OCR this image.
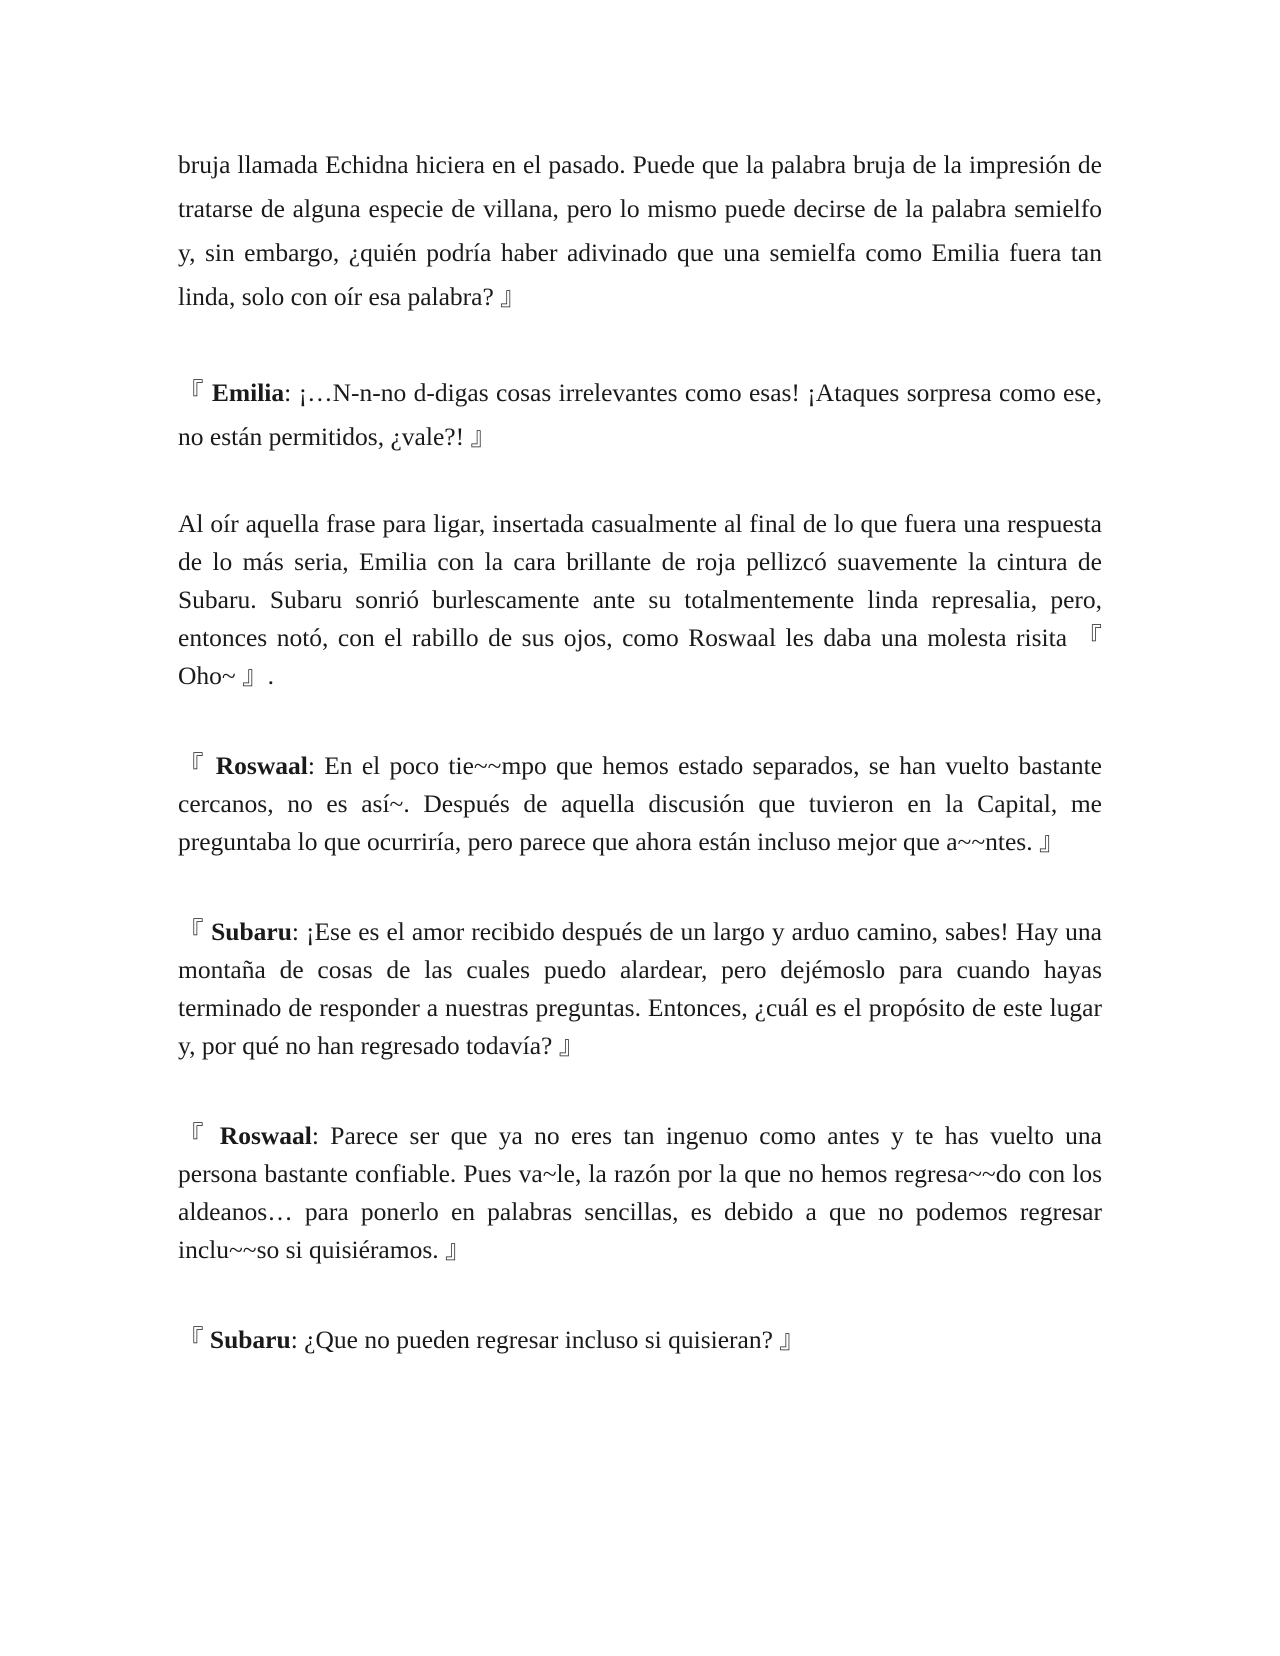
bruja llamada Echidna hiciera en el pasado. Puede que la palabra bruja de la impresión de tratarse de alguna especie de villana, pero lo mismo puede decirse de la palabra semielfo y, sin embargo, ¿quién podría haber adivinado que una semielfa como Emilia fuera tan linda, solo con oír esa palabra? 』

『 Emilia: ¡…N-n-no d-digas cosas irrelevantes como esas! ¡Ataques sorpresa como ese, no están permitidos, ¿vale?! 』

Al oír aquella frase para ligar, insertada casualmente al final de lo que fuera una respuesta de lo más seria, Emilia con la cara brillante de roja pellizcó suavemente la cintura de Subaru. Subaru sonrió burlescamente ante su totalmentemente linda represalia, pero, entonces notó, con el rabillo de sus ojos, como Roswaal les daba una molesta risita 『 Oho~ 』.

『 Roswaal: En el poco tie~~mpo que hemos estado separados, se han vuelto bastante cercanos, no es así~. Después de aquella discusión que tuvieron en la Capital, me preguntaba lo que ocurriría, pero parece que ahora están incluso mejor que a~~ntes. 』

『 Subaru: ¡Ese es el amor recibido después de un largo y arduo camino, sabes! Hay una montaña de cosas de las cuales puedo alardear, pero dejémoslo para cuando hayas terminado de responder a nuestras preguntas. Entonces, ¿cuál es el propósito de este lugar y, por qué no han regresado todavía? 』

『 Roswaal: Parece ser que ya no eres tan ingenuo como antes y te has vuelto una persona bastante confiable. Pues va~le, la razón por la que no hemos regresa~~do con los aldeanos… para ponerlo en palabras sencillas, es debido a que no podemos regresar inclu~~so si quisiéramos. 』

『 Subaru: ¿Que no pueden regresar incluso si quisieran? 』
